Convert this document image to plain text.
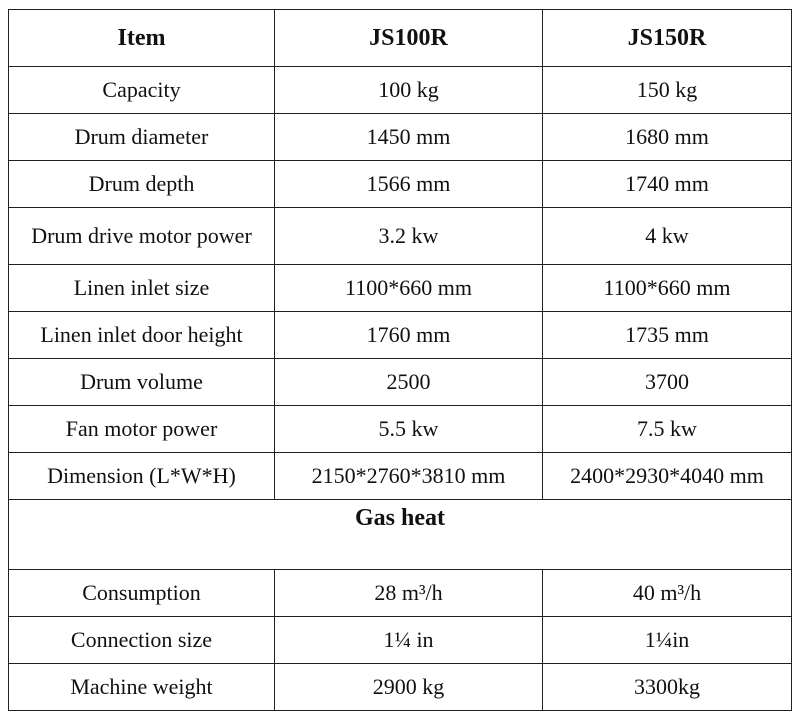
Item	JS100R	JS150R
Capacity	100 kg	150 kg
Drum diameter	1450 mm	1680 mm
Drum depth	1566 mm	1740 mm
Drum drive motor power	3.2 kw	4 kw
Linen inlet size	1100*660 mm	1100*660 mm
Linen inlet door height	1760 mm	1735 mm
Drum volume	2500	3700
Fan motor power	5.5 kw	7.5 kw
Dimension (L*W*H)	2150*2760*3810 mm	2400*2930*4040 mm
Gas heat		
Consumption	28 m³/h	40 m³/h
Connection size	1¼ in	1¼in
Machine weight	2900 kg	3300kg
